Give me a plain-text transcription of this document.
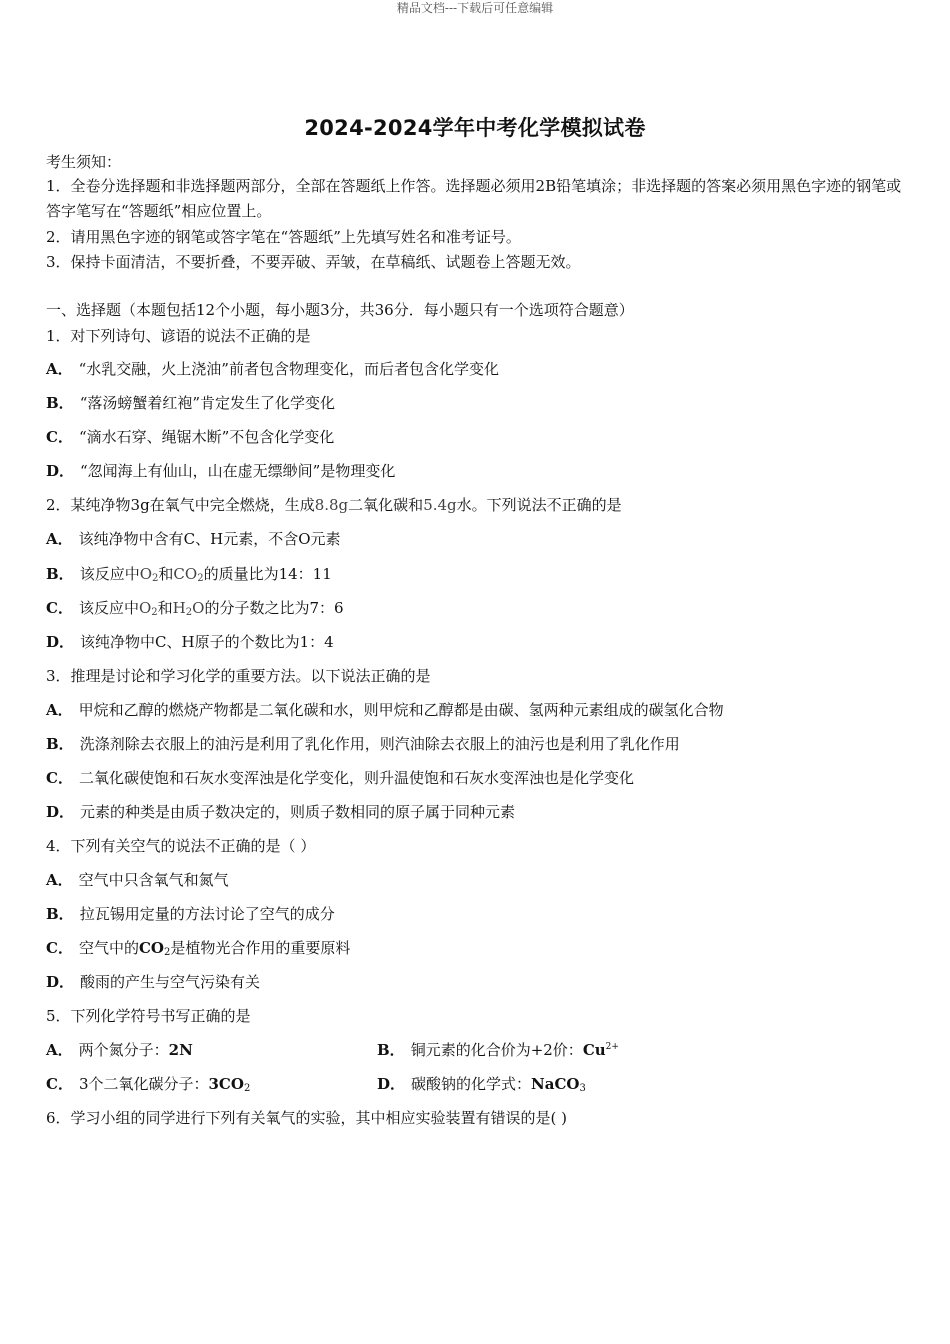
精品文档---下载后可任意编辑
2024-2024学年中考化学模拟试卷
考生须知：
1．全卷分选择题和非选择题两部分，全部在答题纸上作答。选择题必须用2B铅笔填涂；非选择题的答案必须用黑色字迹的钢笔或答字笔写在“答题纸”相应位置上。
2．请用黑色字迹的钢笔或答字笔在“答题纸”上先填写姓名和准考证号。
3．保持卡面清洁，不要折叠，不要弄破、弄皱，在草稿纸、试题卷上答题无效。
一、选择题（本题包括12个小题，每小题3分，共36分．每小题只有一个选项符合题意）
1．对下列诗句、谚语的说法不正确的是
A． “水乳交融，火上浇油”前者包含物理变化，而后者包含化学变化
B． “落汤螃蟹着红袍”肯定发生了化学变化
C． “滴水石穿、绳锯木断”不包含化学变化
D． “忽闻海上有仙山，山在虚无缥缈间”是物理变化
2．某纯净物3g在氧气中完全燃烧，生成8.8g二氧化碳和5.4g水。下列说法不正确的是
A． 该纯净物中含有C、H元素，不含O元素
B． 该反应中$O_2$和$CO_2$的质量比为14：11
C． 该反应中$O_2$和$H_2O$的分子数之比为7：6
D． 该纯净物中C、H原子的个数比为1：4
3．推理是讨论和学习化学的重要方法。以下说法正确的是
A． 甲烷和乙醇的燃烧产物都是二氧化碳和水，则甲烷和乙醇都是由碳、氢两种元素组成的碳氢化合物
B． 洗涤剂除去衣服上的油污是利用了乳化作用，则汽油除去衣服上的油污也是利用了乳化作用
C． 二氧化碳使饱和石灰水变浑浊是化学变化，则升温使饱和石灰水变浑浊也是化学变化
D． 元素的种类是由质子数决定的，则质子数相同的原子属于同种元素
4．下列有关空气的说法不正确的是（ ）
A． 空气中只含氧气和氮气
B． 拉瓦锡用定量的方法讨论了空气的成分
C． 空气中的$CO_2$是植物光合作用的重要原料
D． 酸雨的产生与空气污染有关
5．下列化学符号书写正确的是
A． 两个氮分子：2N	B． 铜元素的化合价为+2价：$Cu^{2+}$
C． 3个二氧化碳分子：$3CO_2$	D． 碳酸钠的化学式：NaCO$_3$
6．学习小组的同学进行下列有关氧气的实验，其中相应实验装置有错误的是( )
